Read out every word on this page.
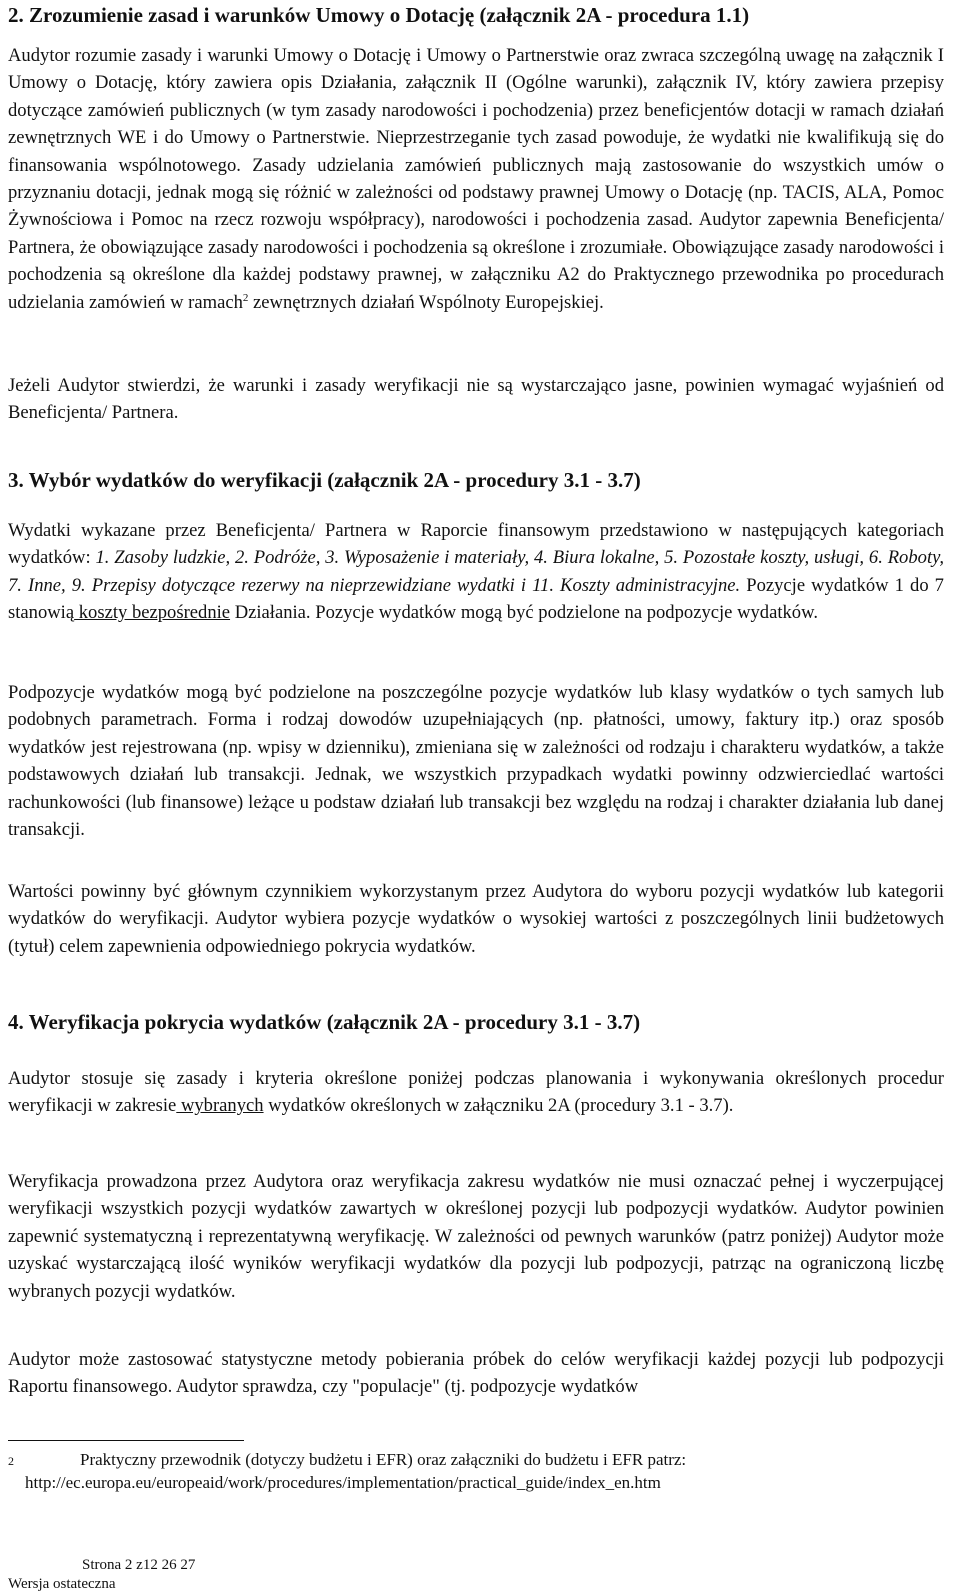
2. Zrozumienie zasad i warunków Umowy o Dotację (załącznik 2A - procedura 1.1)

Audytor rozumie zasady i warunki Umowy o Dotację i Umowy o Partnerstwie oraz zwraca szczególną uwagę na załącznik I Umowy o Dotację, który zawiera opis Działania, załącznik II (Ogólne warunki), załącznik IV, który zawiera przepisy dotyczące zamówień publicznych (w tym zasady narodowości i pochodzenia) przez beneficjentów dotacji w ramach działań zewnętrznych WE i do Umowy o Partnerstwie. Nieprzestrzeganie tych zasad powoduje, że wydatki nie kwalifikują się do finansowania wspólnotowego. Zasady udzielania zamówień publicznych mają zastosowanie do wszystkich umów o przyznaniu dotacji, jednak mogą się różnić w zależności od podstawy prawnej Umowy o Dotację (np. TACIS, ALA, Pomoc Żywnościowa i Pomoc na rzecz rozwoju współpracy), narodowości i pochodzenia zasad. Audytor zapewnia Beneficjenta/ Partnera, że obowiązujące zasady narodowości i pochodzenia są określone i zrozumiałe. Obowiązujące zasady narodowości i pochodzenia są określone dla każdej podstawy prawnej, w załączniku A2 do Praktycznego przewodnika po procedurach udzielania zamówień w ramach$^2$ zewnętrznych działań Wspólnoty Europejskiej.

Jeżeli Audytor stwierdzi, że warunki i zasady weryfikacji nie są wystarczająco jasne, powinien wymagać wyjaśnień od Beneficjenta/ Partnera.

3. Wybór wydatków do weryfikacji (załącznik 2A - procedury 3.1 - 3.7)

Wydatki wykazane przez Beneficjenta/ Partnera w Raporcie finansowym przedstawiono w następujących kategoriach wydatków: 1. Zasoby ludzkie, 2. Podróże, 3. Wyposażenie i materiały, 4. Biura lokalne, 5. Pozostałe koszty, usługi, 6. Roboty, 7. Inne, 9. Przepisy dotyczące rezerwy na nieprzewidziane wydatki i 11. Koszty administracyjne. Pozycje wydatków 1 do 7 stanowią koszty bezpośrednie Działania. Pozycje wydatków mogą być podzielone na podpozycje wydatków.

Podpozycje wydatków mogą być podzielone na poszczególne pozycje wydatków lub klasy wydatków o tych samych lub podobnych parametrach. Forma i rodzaj dowodów uzupełniających (np. płatności, umowy, faktury itp.) oraz sposób wydatków jest rejestrowana (np. wpisy w dzienniku), zmieniana się w zależności od rodzaju i charakteru wydatków, a także podstawowych działań lub transakcji. Jednak, we wszystkich przypadkach wydatki powinny odzwierciedlać wartości rachunkowości (lub finansowe) leżące u podstaw działań lub transakcji bez względu na rodzaj i charakter działania lub danej transakcji.

Wartości powinny być głównym czynnikiem wykorzystanym przez Audytora do wyboru pozycji wydatków lub kategorii wydatków do weryfikacji. Audytor wybiera pozycje wydatków o wysokiej wartości z poszczególnych linii budżetowych (tytuł) celem zapewnienia odpowiedniego pokrycia wydatków.

4. Weryfikacja pokrycia wydatków (załącznik 2A - procedury 3.1 - 3.7)

Audytor stosuje się zasady i kryteria określone poniżej podczas planowania i wykonywania określonych procedur weryfikacji w zakresie wybranych wydatków określonych w załączniku 2A (procedury 3.1 - 3.7).

Weryfikacja prowadzona przez Audytora oraz weryfikacja zakresu wydatków nie musi oznaczać pełnej i wyczerpującej weryfikacji wszystkich pozycji wydatków zawartych w określonej pozycji lub podpozycji wydatków. Audytor powinien zapewnić systematyczną i reprezentatywną weryfikację. W zależności od pewnych warunków (patrz poniżej) Audytor może uzyskać wystarczającą ilość wyników weryfikacji wydatków dla pozycji lub podpozycji, patrząc na ograniczoną liczbę wybranych pozycji wydatków.

Audytor może zastosować statystyczne metody pobierania próbek do celów weryfikacji każdej pozycji lub podpozycji Raportu finansowego. Audytor sprawdza, czy "populacje" (tj. podpozycje wydatków

2	Praktyczny przewodnik (dotyczy budżetu i EFR) oraz załączniki do budżetu i EFR patrz:
http://ec.europa.eu/europeaid/work/procedures/implementation/practical_guide/index_en.htm
Strona 2 z12 26 27
Wersja ostateczna
